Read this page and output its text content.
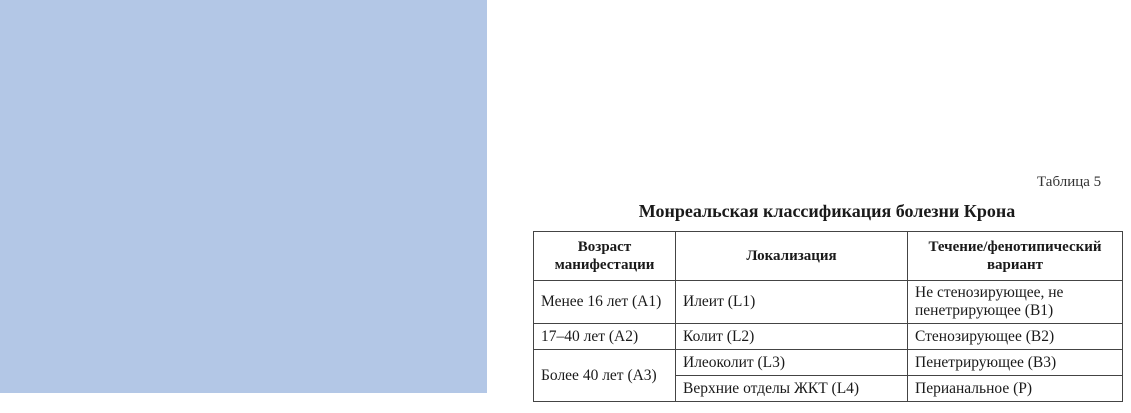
Таблица 5
Монреальская классификация болезни Крона
Возраст манифестации	Локализация	Течение/фенотипический вариант
Менее 16 лет (A1)	Илеит (L1)	Не стенозирующее, не пенетрирующее (B1)
17–40 лет (A2)	Колит (L2)	Стенозирующее (B2)
Более 40 лет (A3)	Илеоколит (L3)	Пенетрирующее (B3)
	Верхние отделы ЖКТ (L4)	Перианальное (P)
